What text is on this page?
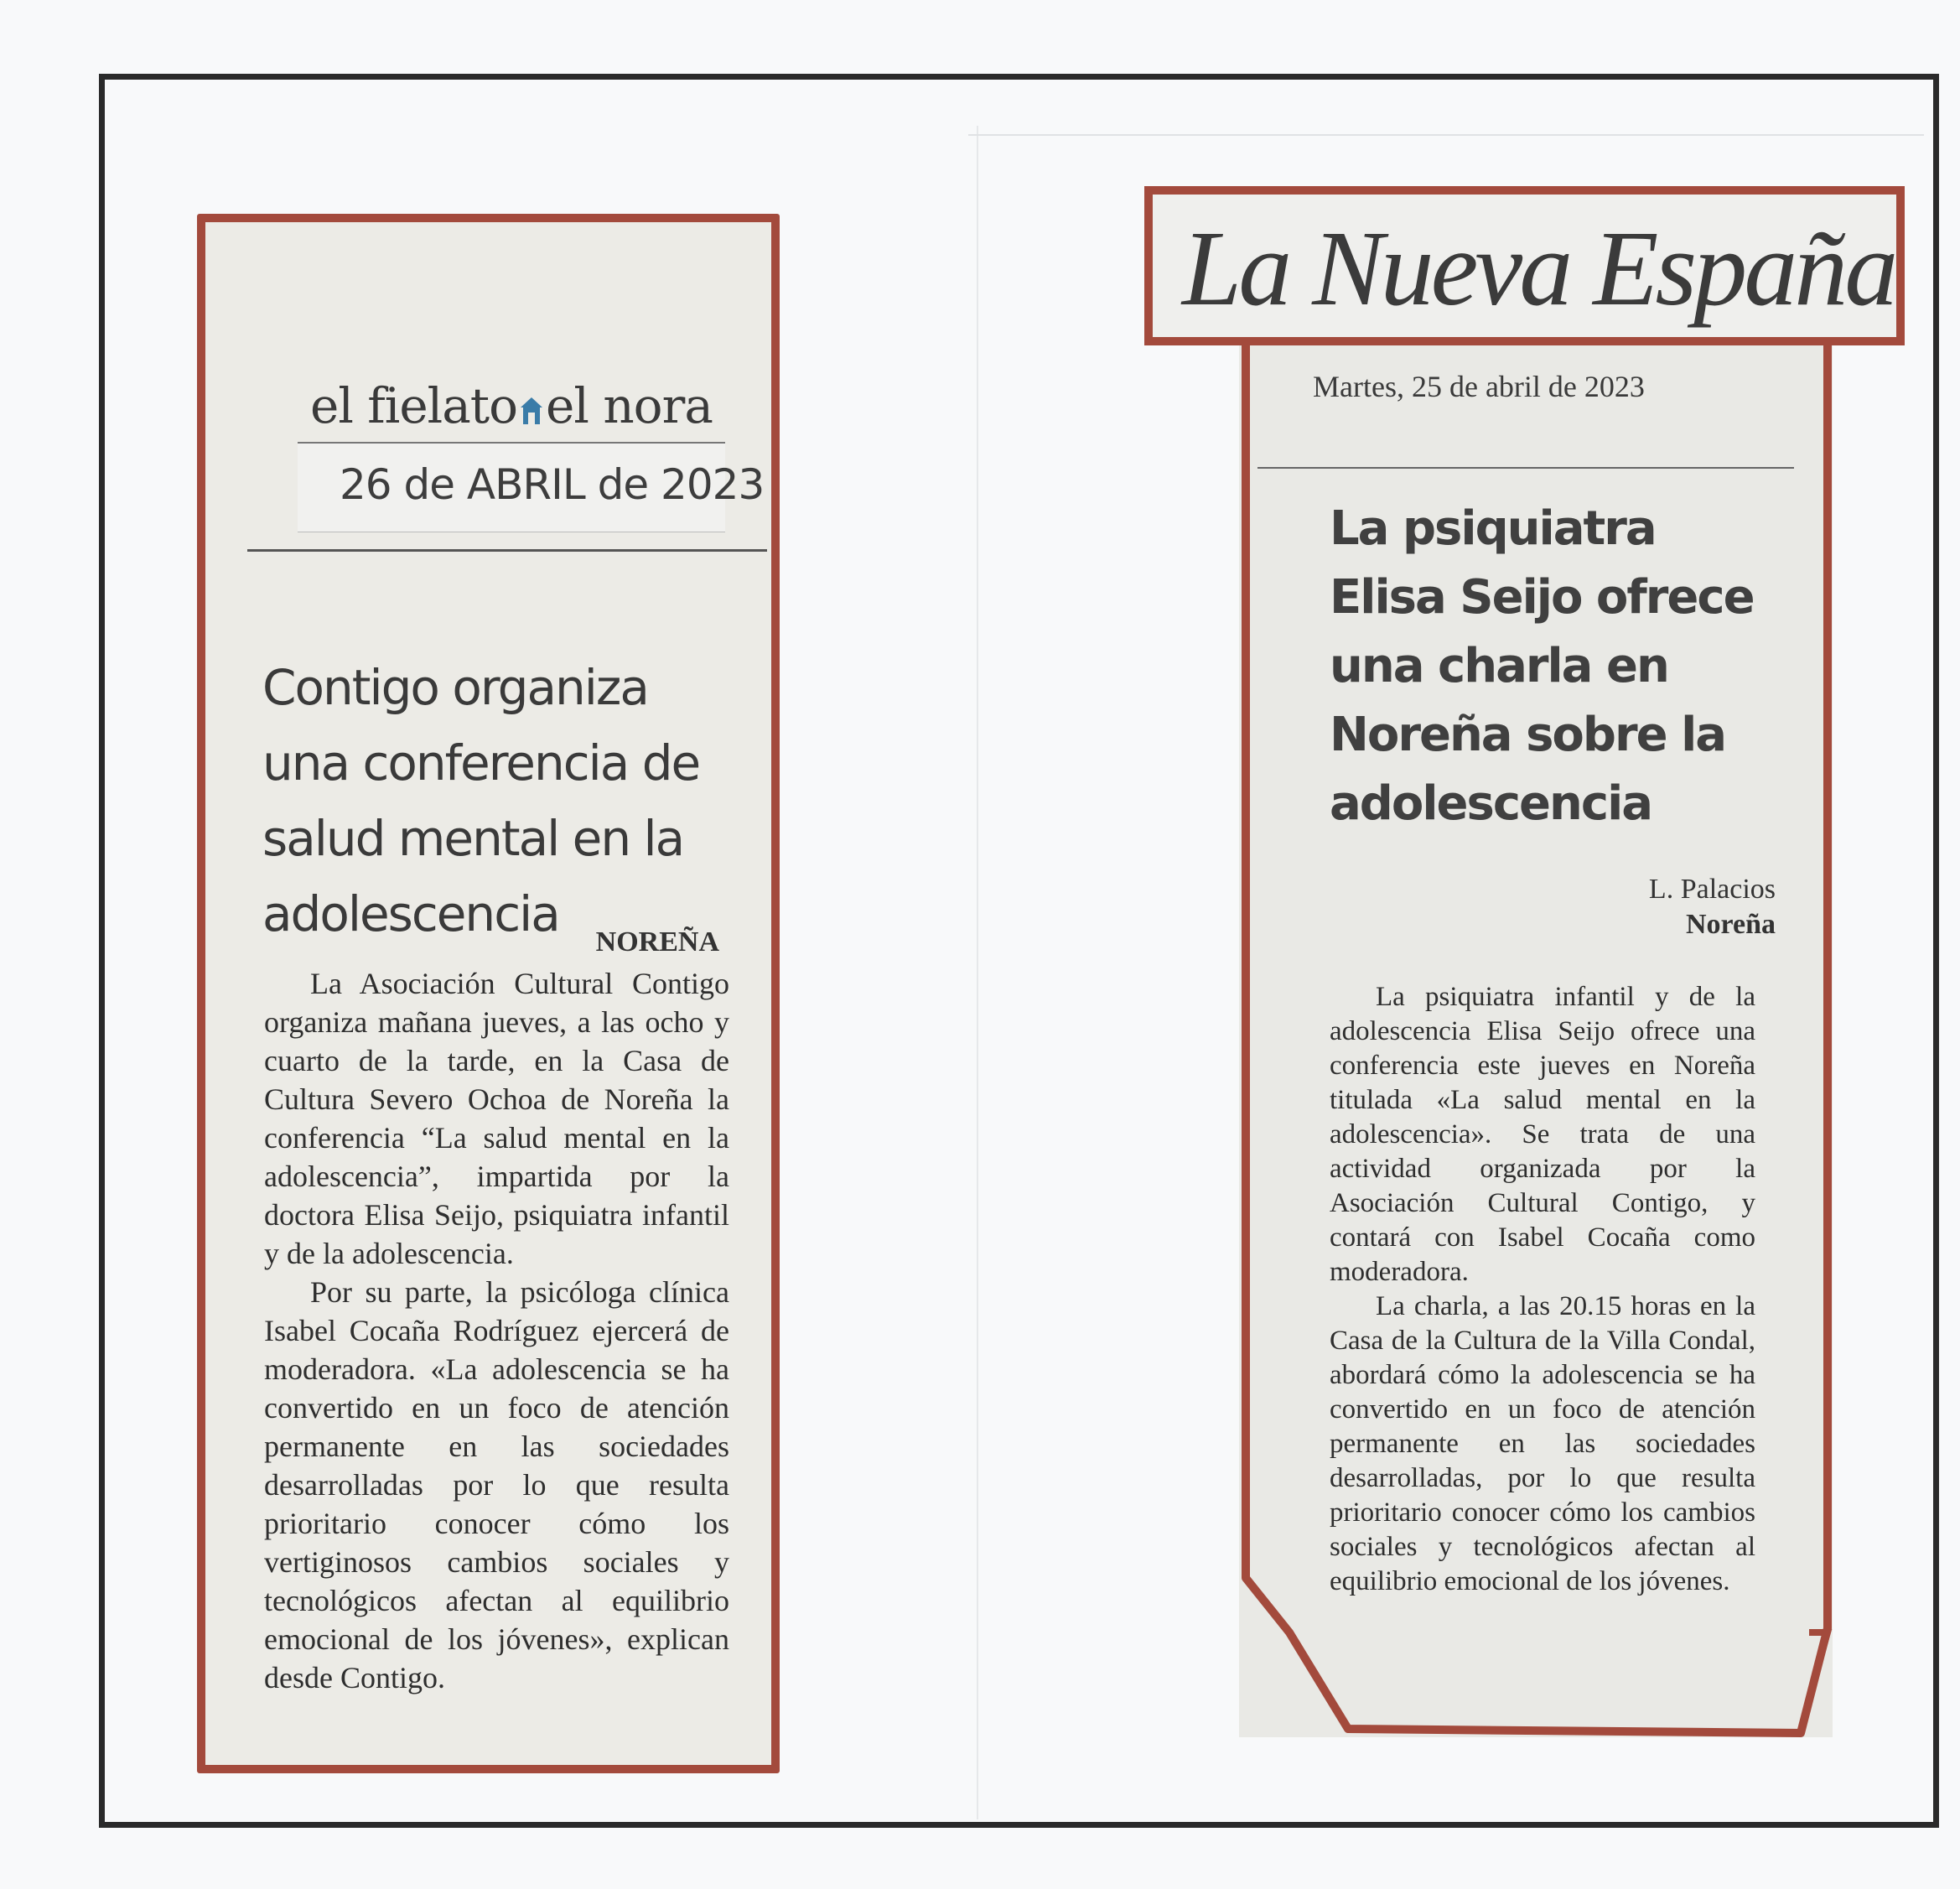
el fielato el nora
26 de ABRIL de 2023
Contigo organiza una conferencia de salud mental en la adolescencia	NOREÑA

La Asociación Cultural Contigo organiza mañana jueves, a las ocho y cuarto de la tarde, en la Casa de Cultura Severo Ochoa de Noreña la conferencia “La salud mental en la adolescencia”, impartida por la doctora Elisa Seijo, psiquiatra infantil y de la adolescencia.

Por su parte, la psicóloga clínica Isabel Cocaña Rodríguez ejercerá de moderadora. «La adolescencia se ha convertido en un foco de atención permanente en las sociedades desarrolladas por lo que resulta prioritario conocer cómo los vertiginosos cambios sociales y tecnológicos afectan al equilibrio emocional de los jóvenes», explican desde Contigo.

La Nueva España
Martes, 25 de abril de 2023
La psiquiatra Elisa Seijo ofrece una charla en Noreña sobre la adolescencia
L. Palacios
Noreña

La psiquiatra infantil y de la adolescencia Elisa Seijo ofrece una conferencia este jueves en Noreña titulada «La salud mental en la adolescencia». Se trata de una actividad organizada por la Asociación Cultural Contigo, y contará con Isabel Cocaña como moderadora.

La charla, a las 20.15 horas en la Casa de la Cultura de la Villa Condal, abordará cómo la adolescencia se ha convertido en un foco de atención permanente en las sociedades desarrolladas, por lo que resulta prioritario conocer cómo los cambios sociales y tecnológicos afectan al equilibrio emocional de los jóvenes.
